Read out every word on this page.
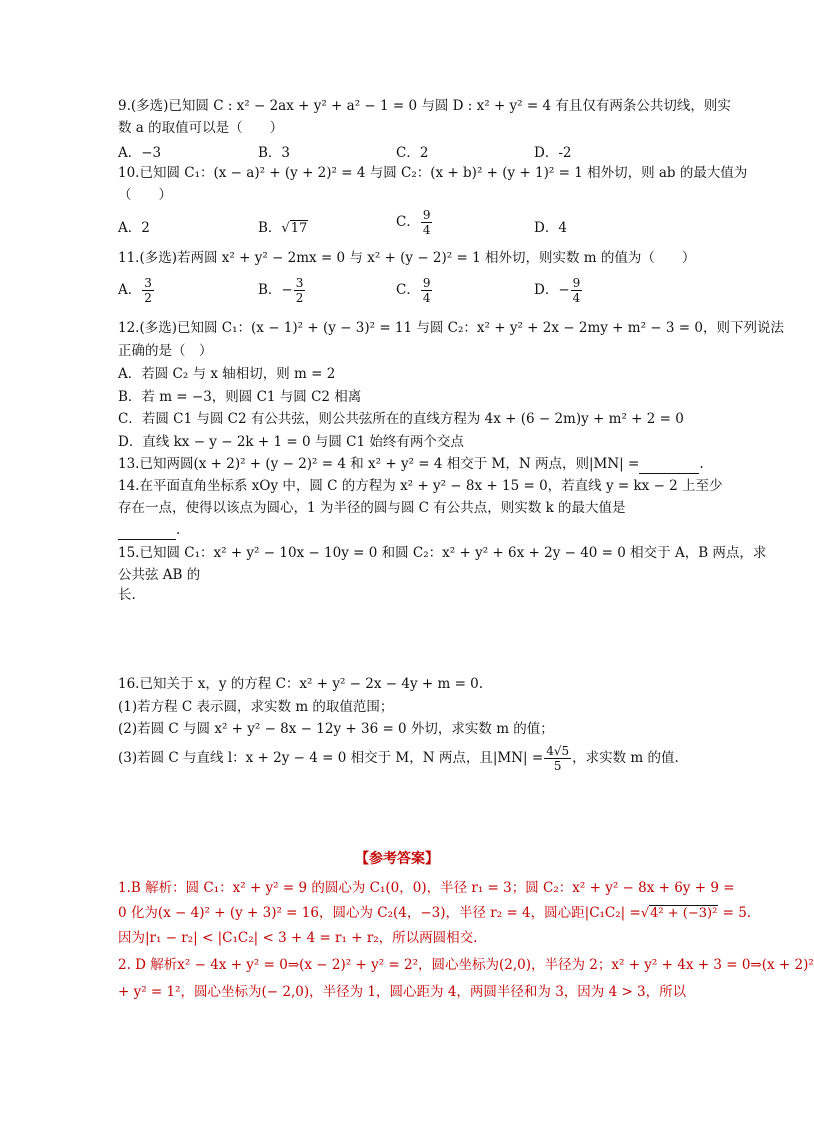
9.(多选)已知圆 C : x² − 2ax + y² + a² − 1 = 0 与圆 D : x² + y² = 4 有且仅有两条公共切线，则实
数 a 的取值可以是（　　）
A．−3	B．3	C．2	D．-2
10.已知圆 C₁：(x − a)² + (y + 2)² = 4 与圆 C₂：(x + b)² + (y + 1)² = 1 相外切，则 ab 的最大值为
（　　）
A．2	B．√17	C． $\frac{9}{4}$	D．4
11.(多选)若两圆 x² + y² − 2mx = 0 与 x² + (y − 2)² = 1 相外切，则实数 m 的值为（　　）
A． $\frac{3}{2}$	B．− $\frac{3}{2}$	C． $\frac{9}{4}$	D．− $\frac{9}{4}$
12.(多选)已知圆 C₁：(x − 1)² + (y − 3)² = 11 与圆 C₂：x² + y² + 2x − 2my + m² − 3 = 0，则下列说法
正确的是（　）
A．若圆 C₂ 与 x 轴相切，则 m = 2
B．若 m = −3，则圆 C1 与圆 C2 相离
C．若圆 C1 与圆 C2 有公共弦，则公共弦所在的直线方程为 4x + (6 − 2m)y + m² + 2 = 0
D．直线 kx − y − 2k + 1 = 0 与圆 C1 始终有两个交点
13.已知两圆(x + 2)² + (y − 2)² = 4 和 x² + y² = 4 相交于 M，N 两点，则|MN| =	.
14.在平面直角坐标系 xOy 中，圆 C 的方程为 x² + y² − 8x + 15 = 0，若直线 y = kx − 2 上至少
存在一点，使得以该点为圆心，1 为半径的圆与圆 C 有公共点，则实数 k 的最大值是
.
15.已知圆 C₁：x² + y² − 10x − 10y = 0 和圆 C₂：x² + y² + 6x + 2y − 40 = 0 相交于 A，B 两点，求
公共弦 AB 的
长.
16.已知关于 x，y 的方程 C：x² + y² − 2x − 4y + m = 0.
(1)若方程 C 表示圆，求实数 m 的取值范围；
(2)若圆 C 与圆 x² + y² − 8x − 12y + 36 = 0 外切，求实数 m 的值；
(3)若圆 C 与直线 l：x + 2y − 4 = 0 相交于 M，N 两点，且$|MN| = \frac{4√5}{5}$ ，求实数 m 的值.
【参考答案】
1.B 解析：圆 C₁：x² + y² = 9 的圆心为 C₁(0，0)，半径 r₁ = 3；圆 C₂：x² + y² − 8x + 6y + 9 =
0 化为(x − 4)² + (y + 3)² = 16，圆心为 C₂(4，−3)，半径 r₂ = 4，圆心距|C₁C₂| =√4² + (−3)² = 5.
因为|r₁ − r₂| < |C₁C₂| < 3 + 4 = r₁ + r₂，所以两圆相交.
2. D 解析x² − 4x + y² = 0⇒(x − 2)² + y² = 2²，圆心坐标为(2,0)，半径为 2；x² + y² + 4x + 3 = 0⇒(x + 2)²
+ y² = 1²，圆心坐标为(− 2,0)，半径为 1，圆心距为 4，两圆半径和为 3，因为 4 > 3，所以
